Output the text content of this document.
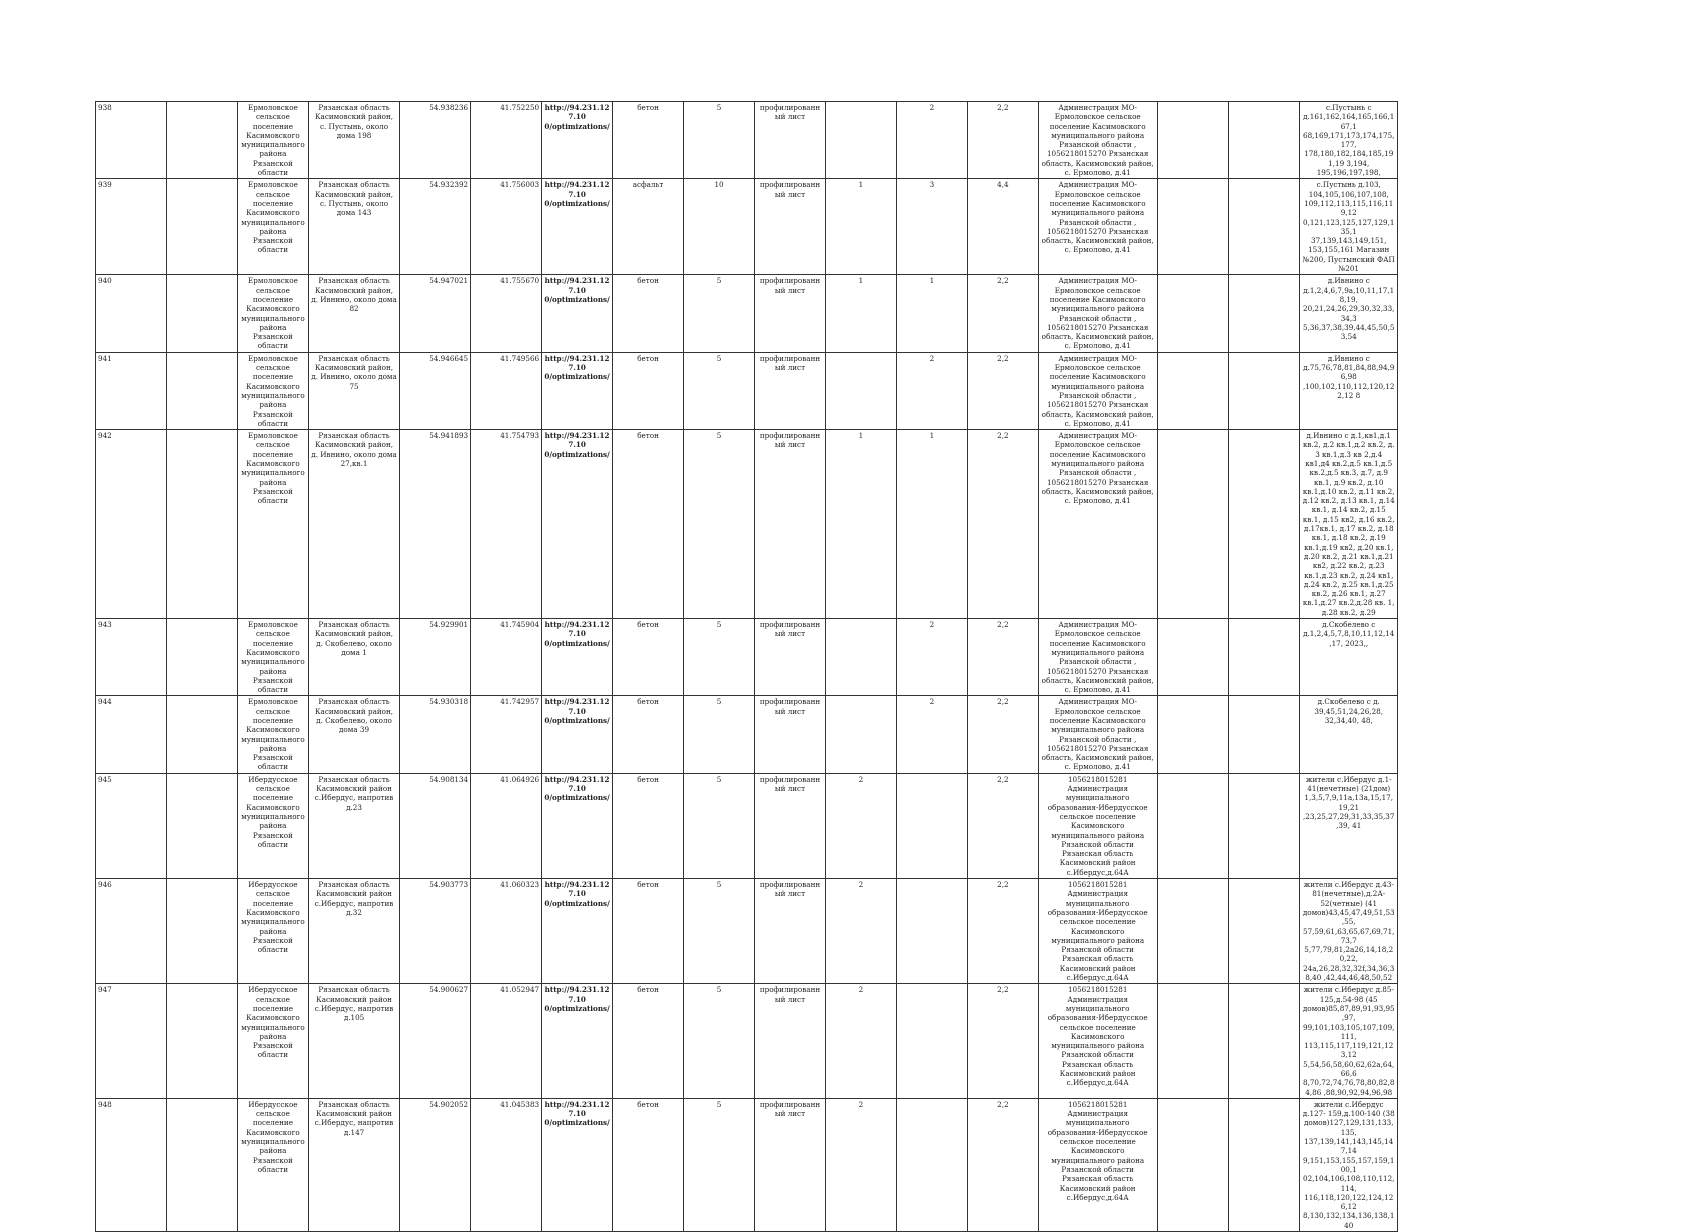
938		Ермоловское сельское поселение Касимовского муниципального района Рязанской области	Рязанская область Касимовский район, с. Пустынь, около дома 198	54.938236	41.752250	http://94.231.127.10 0/optimizations/	бетон	5	профилированный лист		2	2,2	Администрация МО-Ермоловское сельское поселение Касимовского муниципального района Рязанской области , 1056218015270 Рязанская область, Касимовский район, с. Ермолово, д.41			с.Пустынь с д.161,162,164,165,166,167,1 68,169,171,173,174,175,177, 178,180,182,184,185,191,19 3,194, 195,196,197,198,
939		Ермоловское сельское поселение Касимовского муниципального района Рязанской области	Рязанская область Касимовский район, с. Пустынь, около дома 143	54.932392	41.756003	http://94.231.127.10 0/optimizations/	асфальт	10	профилированный лист	1	3	4,4	Администрация МО-Ермоловское сельское поселение Касимовского муниципального района Рязанской области , 1056218015270 Рязанская область, Касимовский район, с. Ермолово, д.41			с.Пустынь д.103, 104,105,106,107,108, 109,112,113,115,116,119,12 0,121,123,125,127,129,135,1 37,139,143,149,151, 153,155,161 Магазин №200, Пустынский ФАП №201
940		Ермоловское сельское поселение Касимовского муниципального района Рязанской области	Рязанская область Касимовский район, д. Ивнино, около дома 82	54.947021	41.755670	http://94.231.127.10 0/optimizations/	бетон	5	профилированный лист	1	1	2,2	Администрация МО-Ермоловское сельское поселение Касимовского муниципального района Рязанской области , 1056218015270 Рязанская область, Касимовский район, с. Ермолово, д.41			д.Ивнино с д.1,2,4,6,7,9а,10,11,17,18,19, 20,21,24,26,29,30,32,33,34,3 5,36,37,38,39,44,45,50,53,54
941		Ермоловское сельское поселение Касимовского муниципального района Рязанской области	Рязанская область Касимовский район, д. Ивнино, около дома 75	54.946645	41.749566	http://94.231.127.10 0/optimizations/	бетон	5	профилированный лист		2	2,2	Администрация МО-Ермоловское сельское поселение Касимовского муниципального района Рязанской области , 1056218015270 Рязанская область, Касимовский район, с. Ермолово, д.41			д.Ивнино с д.75,76,78,81,84,88,94,96,98 ,100,102,110,112,120,122,12 8
942		Ермоловское сельское поселение Касимовского муниципального района Рязанской области	Рязанская область Касимовский район, д. Ивнино, около дома 27,кв.1	54.941893	41.754793	http://94.231.127.10 0/optimizations/	бетон	5	профилированный лист	1	1	2,2	Администрация МО-Ермоловское сельское поселение Касимовского муниципального района Рязанской области , 1056218015270 Рязанская область, Касимовский район, с. Ермолово, д.41			д.Ивнино с д.1,кв1,д.1 кв.2, д.2 кв.1,д.2 кв.2, д. 3 кв.1,д.3 кв 2,д.4 кв1,д4 кв.2,д.5 кв.1,д.5 кв.2,д.5 кв.3, д.7, д.9 кв.1, д.9 кв.2, д.10 кв.1,д.10 кв.2, д.11 кв.2, д.12 кв.2, д.13 кв.1, д.14 кв.1, д.14 кв.2, д.15 кв.1, д.15 кв2, д.16 кв.2, д.17кв.1, д.17 кв.2, д.18 кв.1, д.18 кв.2, д.19 кв.1,д.19 кв2, д.20 кв.1, д.20 кв.2, д.21 кв.1,д.21 кв2, д.22 кв.2, д.23 кв.1,д.23 кв.2, д.24 кв1, д.24 кв.2, д.25 кв.1,д.25 кв.2, д.26 кв.1, д.27 кв.1,д.27 кв.2,д.28 кв. 1, д.28 кв.2, д.29
943		Ермоловское сельское поселение Касимовского муниципального района Рязанской области	Рязанская область Касимовский район, д. Скобелево, около дома 1	54.929901	41.745904	http://94.231.127.10 0/optimizations/	бетон	5	профилированный лист		2	2,2	Администрация МО-Ермоловское сельское поселение Касимовского муниципального района Рязанской области , 1056218015270 Рязанская область, Касимовский район, с. Ермолово, д.41			д.Скобелево с д.1,2,4,5,7,8,10,11,12,14,17, 2023,,
944		Ермоловское сельское поселение Касимовского муниципального района Рязанской области	Рязанская область Касимовский район, д. Скобелево, около дома 39	54.930318	41.742957	http://94.231.127.10 0/optimizations/	бетон	5	профилированный лист		2	2,2	Администрация МО-Ермоловское сельское поселение Касимовского муниципального района Рязанской области , 1056218015270 Рязанская область, Касимовский район, с. Ермолово, д.41			д.Скобелево с д. 39,45,51,24,26,28, 32,34,40, 48,
945		Ибердусское сельское поселение Касимовского муниципального района Рязанской области	Рязанская область Касимовский район с.Ибердус, напротив д.23	54.908134	41.064926	http://94.231.127.10 0/optimizations/	бетон	5	профилированный лист	2		2,2	1056218015281 Администрация муниципального образования-Ибердусское сельское поселение Касимовского муниципального района Рязанской области Рязанская область Касимовский район с.Ибердус,д.64А			жители с.Ибердус д.1- 41(нечетные) (21дом) 1,3,5,7,9,11а,13а,15,17,19,21 ,23,25,27,29,31,33,35,37,39, 41
946		Ибердусское сельское поселение Касимовского муниципального района Рязанской области	Рязанская область Касимовский район с.Ибердус, напротив д.32	54.903773	41.060323	http://94.231.127.10 0/optimizations/	бетон	5	профилированный лист	2		2,2	1056218015281 Администрация муниципального образования-Ибердусское сельское поселение Касимовского муниципального района Рязанской области Рязанская область Касимовский район с.Ибердус,д.64А			жители с.Ибердус д.43- 81(нечетные),д.2А- 52(четные) (41 домов)43,45,47,49,51,53,55, 57,59,61,63,65,67,69,71,73,7 5,77,79,81,2а26,14,18,20,22, 24а,26,28,32,32f,34,36,38,40 ,42,44,46,48,50,52
947		Ибердусское сельское поселение Касимовского муниципального района Рязанской области	Рязанская область Касимовский район с.Ибердус, напротив д.105	54.900627	41.052947	http://94.231.127.10 0/optimizations/	бетон	5	профилированный лист	2		2,2	1056218015281 Администрация муниципального образования-Ибердусское сельское поселение Касимовского муниципального района Рязанской области Рязанская область Касимовский район с.Ибердус,д.64А			жители с.Ибердус д.85- 125,д.54-98 (45 домов)85,87,89,91,93,95,97, 99,101,103,105,107,109,111, 113,115,117,119,121,123,12 5,54,56,58,60,62,62а,64,66,6 8,70,72,74,76,78,80,82,84,86 ,88,90,92,94,96,98
948		Ибердусское сельское поселение Касимовского муниципального района Рязанской области	Рязанская область Касимовский район с.Ибердус, напротив д.147	54.902052	41.045383	http://94.231.127.10 0/optimizations/	бетон	5	профилированный лист	2		2,2	1056218015281 Администрация муниципального образования-Ибердусское сельское поселение Касимовского муниципального района Рязанской области Рязанская область Касимовский район с.Ибердус,д.64А			жители с.Ибердус д.127- 159,д.100-140 (38 домов)127,129,131,133,135, 137,139,141,143,145,147,14 9,151,153,155,157,159,100,1 02,104,106,108,110,112,114, 116,118,120,122,124,126,12 8,130,132,134,136,138,140
